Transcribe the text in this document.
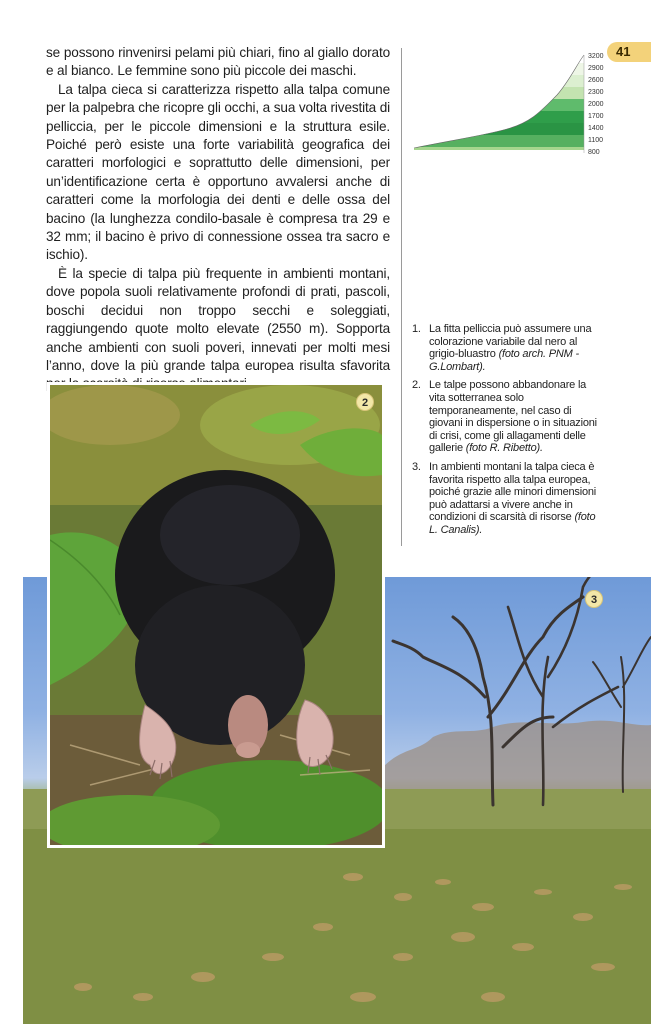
41

se possono rinvenirsi pelami più chiari, fino al giallo dorato e al bianco. Le femmine sono più piccole dei maschi.

La talpa cieca si caratterizza rispetto alla talpa comune per la palpebra che ricopre gli occhi, a sua volta rivestita di pelliccia, per le piccole dimensioni e la struttura esile. Poiché però esiste una forte variabilità geografica dei caratteri morfologici e soprattutto delle dimensioni, per un’identificazione certa è opportuno avvalersi anche di caratteri come la morfologia dei denti e delle ossa del bacino (la lunghezza condilo-basale è compresa tra 29 e 32 mm; il bacino è privo di connessione ossea tra sacro e ischio).

È la specie di talpa più frequente in ambienti montani, dove popola suoli relativamente profondi di prati, pascoli, boschi decidui non troppo secchi e soleggiati, raggiungendo quote molto elevate (2550 m). Sopporta anche ambienti con suoli poveri, innevati per molti mesi l’anno, dove la più grande talpa europea risulta sfavorita

3200
2900
2600
2300
2000
1700
1400
1100
800
1. La fitta pelliccia può assumere una colorazione variabile dal nero al grigio-bluastro (foto arch. PNM - G.Lombart).
2. Le talpe possono abbandonare la vita sotterranea solo temporaneamente, nel caso di giovani in dispersione o in situazioni di crisi, come gli allagamenti delle gallerie (foto R. Ribetto).
3. In ambienti montani la talpa cieca è favorita rispetto alla talpa europea, poiché grazie alle minori dimensioni può adattarsi a vivere anche in condizioni di scarsità di risorse (foto L. Canalis).
3
2
